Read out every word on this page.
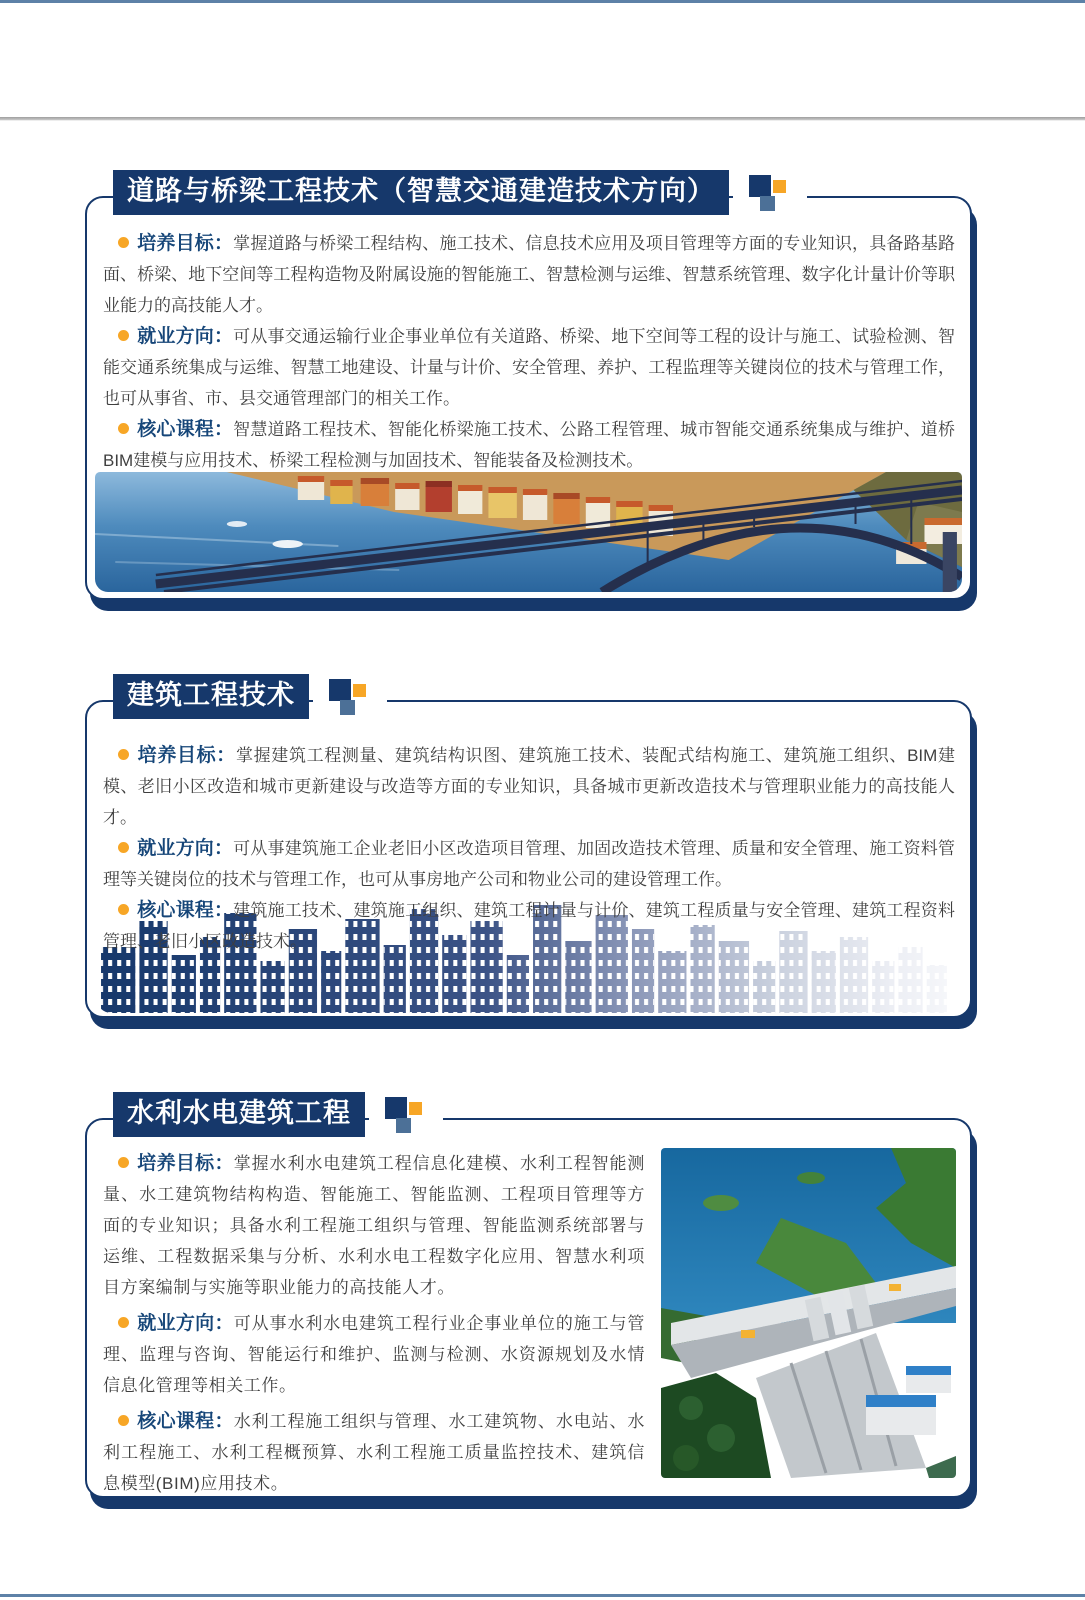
道路与桥梁工程技术（智慧交通建造技术方向）

培养目标：掌握道路与桥梁工程结构、施工技术、信息技术应用及项目管理等方面的专业知识，具备路基路面、桥梁、地下空间等工程构造物及附属设施的智能施工、智慧检测与运维、智慧系统管理、数字化计量计价等职业能力的高技能人才。

就业方向：可从事交通运输行业企事业单位有关道路、桥梁、地下空间等工程的设计与施工、试验检测、智能交通系统集成与运维、智慧工地建设、计量与计价、安全管理、养护、工程监理等关键岗位的技术与管理工作，也可从事省、市、县交通管理部门的相关工作。

核心课程：智慧道路工程技术、智能化桥梁施工技术、公路工程管理、城市智能交通系统集成与维护、道桥BIM建模与应用技术、桥梁工程检测与加固技术、智能装备及检测技术。

建筑工程技术

培养目标：掌握建筑工程测量、建筑结构识图、建筑施工技术、装配式结构施工、建筑施工组织、BIM建模、老旧小区改造和城市更新建设与改造等方面的专业知识，具备城市更新改造技术与管理职业能力的高技能人才。

就业方向：可从事建筑施工企业老旧小区改造项目管理、加固改造技术管理、质量和安全管理、施工资料管理等关键岗位的技术与管理工作，也可从事房地产公司和物业公司的建设管理工作。

核心课程：建筑施工技术、建筑施工组织、建筑工程计量与计价、建筑工程质量与安全管理、建筑工程资料管理、老旧小区改造技术。

水利水电建筑工程

培养目标：掌握水利水电建筑工程信息化建模、水利工程智能测量、水工建筑物结构构造、智能施工、智能监测、工程项目管理等方面的专业知识；具备水利工程施工组织与管理、智能监测系统部署与运维、工程数据采集与分析、水利水电工程数字化应用、智慧水利项目方案编制与实施等职业能力的高技能人才。

就业方向：可从事水利水电建筑工程行业企事业单位的施工与管理、监理与咨询、智能运行和维护、监测与检测、水资源规划及水情信息化管理等相关工作。

核心课程：水利工程施工组织与管理、水工建筑物、水电站、水利工程施工、水利工程概预算、水利工程施工质量监控技术、建筑信息模型(BIM)应用技术。
